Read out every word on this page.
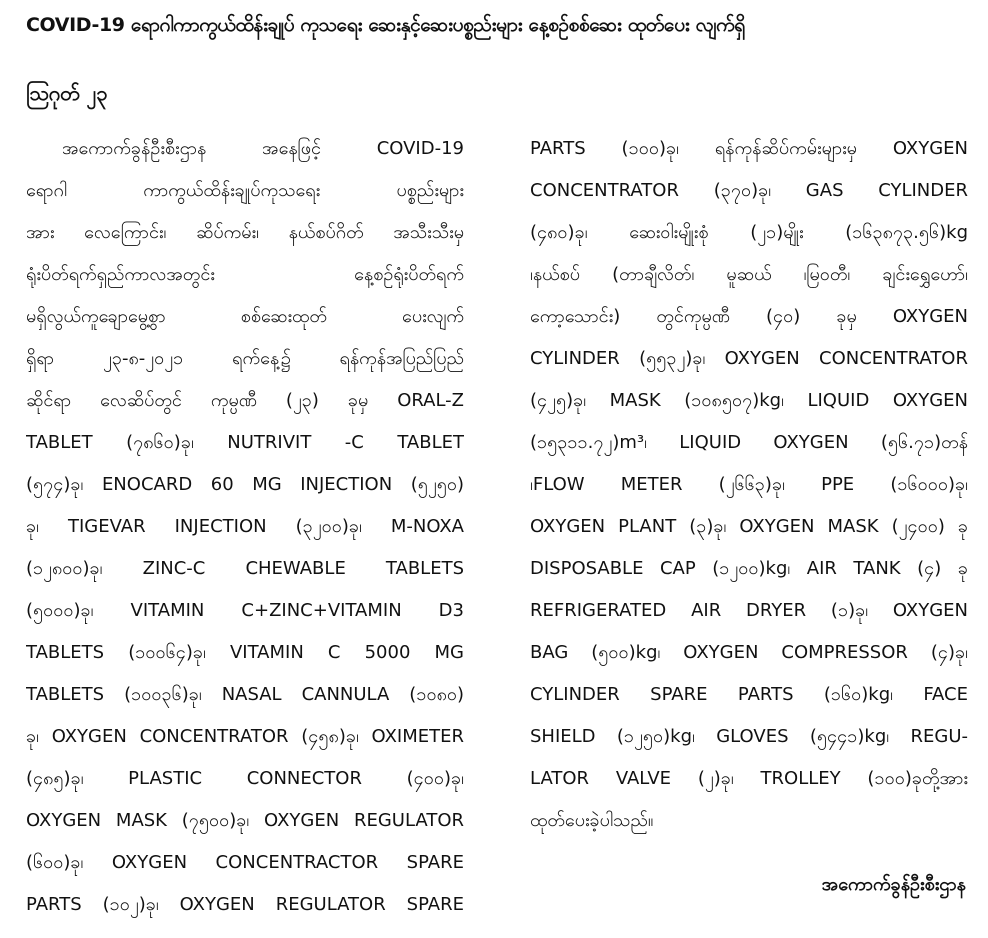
COVID-19 ရောဂါကာကွယ်ထိန်းချုပ် ကုသရေး ဆေးနှင့်ဆေးပစ္စည်းများ နေ့စဉ်စစ်ဆေး ထုတ်ပေး လျက်ရှိ
ဩဂုတ် ၂၃
အကောက်ခွန်ဦးစီးဌာန အနေဖြင့် COVID-19
ရောဂါ ကာကွယ်ထိန်းချုပ်ကုသရေး ပစ္စည်းများ
အား လေကြောင်း၊ ဆိပ်ကမ်း၊ နယ်စပ်ဂိတ် အသီးသီးမှ
ရုံးပိတ်ရက်ရှည်ကာလအတွင်း နေ့စဉ်ရုံးပိတ်ရက်
မရှိလွယ်ကူချောမွေ့စွာ စစ်ဆေးထုတ် ပေးလျက်
ရှိရာ ၂၃-၈-၂၀၂၁ ရက်နေ့၌ ရန်ကုန်အပြည်ပြည်
ဆိုင်ရာ လေဆိပ်တွင် ကုမ္ပဏီ (၂၃) ခုမှ ORAL-Z
TABLET (၇၈၆၀)ခု၊ NUTRIVIT -C TABLET
(၅၇၄)ခု၊ ENOCARD 60 MG INJECTION (၅၂၅၀)
ခု၊ TIGEVAR INJECTION (၃၂၀၀)ခု၊ M-NOXA
(၁၂၈၀၀)ခု၊ ZINC-C CHEWABLE TABLETS
(၅၀၀၀)ခု၊ VITAMIN C+ZINC+VITAMIN D3
TABLETS (၁၀၀၆၄)ခု၊ VITAMIN C 5000 MG
TABLETS (၁၀၀၃၆)ခု၊ NASAL CANNULA (၁၀၈၀)
ခု၊ OXYGEN CONCENTRATOR (၄၅၈)ခု၊ OXIMETER
(၄၈၅)ခု၊ PLASTIC CONNECTOR (၄၀၀)ခု၊
OXYGEN MASK (၇၅၀၀)ခု၊ OXYGEN REGULATOR
(၆၀၀)ခု၊ OXYGEN CONCENTRACTOR SPARE
PARTS (၁၀၂)ခု၊ OXYGEN REGULATOR SPARE
PARTS (၁၀၀)ခု၊ ရန်ကုန်ဆိပ်ကမ်းများမှ OXYGEN
CONCENTRATOR (၃၇၀)ခု၊ GAS CYLINDER
(၄၈၀)ခု၊ ဆေးဝါးမျိုးစုံ (၂၁)မျိုး (၁၆၃၈၇၃.၅၆)kg
၊နယ်စပ် (တာချီလိတ်၊ မူဆယ် ၊မြဝတီ၊ ချင်းရွှေဟော်၊
ကော့သောင်း) တွင်ကုမ္ပဏီ (၄၀) ခုမှ OXYGEN
CYLINDER (၅၅၃၂)ခု၊ OXYGEN CONCENTRATOR
(၄၂၅)ခု၊ MASK (၁၀၈၅၀၇)kg၊ LIQUID OXYGEN
(၁၅၃၁၁.၇၂)m³၊ LIQUID OXYGEN (၅၆.၇၁)တန်
၊FLOW METER (၂၆၆၃)ခု၊ PPE (၁၆၀၀၀)ခု၊
OXYGEN PLANT (၃)ခု၊ OXYGEN MASK (၂၄၀၀) ခု
DISPOSABLE CAP (၁၂၀၀)kg၊ AIR TANK (၄) ခု
REFRIGERATED AIR DRYER (၁)ခု၊ OXYGEN
BAG (၅၀၀)kg၊ OXYGEN COMPRESSOR (၄)ခု၊
CYLINDER SPARE PARTS (၁၆၀)kg၊ FACE
SHIELD (၁၂၅၀)kg၊ GLOVES (၅၄၄၁)kg၊ REGU-
LATOR VALVE (၂)ခု၊ TROLLEY (၁၀၀)ခုတို့အား
ထုတ်ပေးခဲ့ပါသည်။
အကောက်ခွန်ဦးစီးဌာန
